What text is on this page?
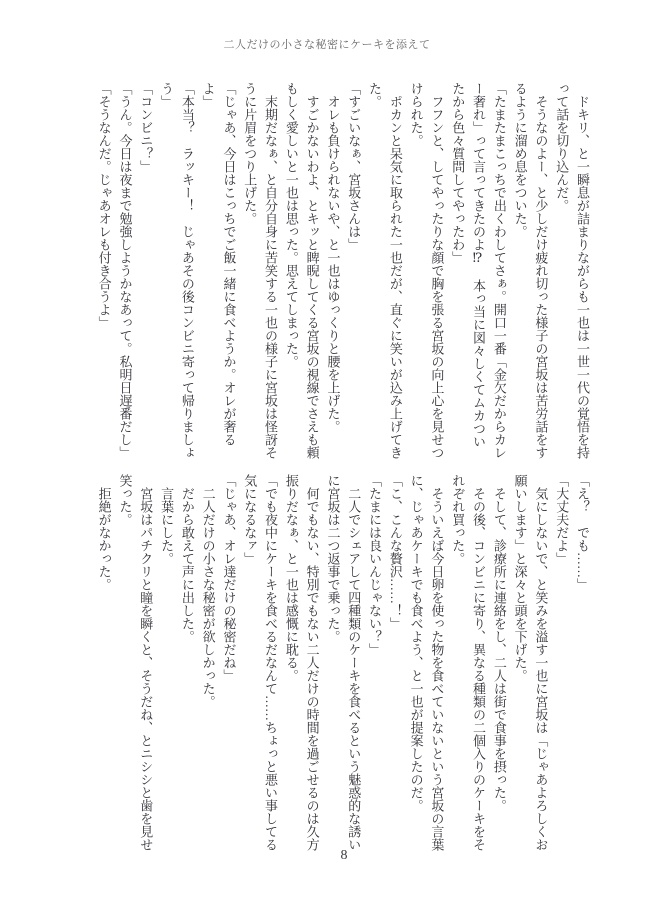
二人だけの小さな秘密にケーキを添えて

ドキリ、と一瞬息が詰まりながらも一也は一世一代の覚悟を持って話を切り込んだ。

そうなのよー、と少しだけ疲れ切った様子の宮坂は苦労話をするように溜め息をついた。

「たまたまこっちで出くわしてさぁ。開口一番「金欠だからカレー奢れ」って言ってきたのよ⁉　本っ当に図々しくてムカついたから色々質問してやったわ」

フフンと、してやったりな顔で胸を張る宮坂の向上心を見せつけられた。

ポカンと呆気に取られた一也だが、直ぐに笑いが込み上げてきた。

「すごいなぁ、宮坂さんは」

オレも負けられないや、と一也はゆっくりと腰を上げた。

すごかないわよ、とキッと睥睨してくる宮坂の視線でさえも頼もしく愛しいと一也は思った。思えてしまった。

末期だなぁ、と自分自身に苦笑する一也の様子に宮坂は怪訝そうに片眉をつり上げた。

「じゃあ、今日はこっちでご飯一緒に食べようか。オレが奢るよ」

「本当？　ラッキー！　じゃあその後コンビニ寄って帰りましょう」

「コンビニ？」

「うん。今日は夜まで勉強しようかなあって。私明日遅番だし」

「そうなんだ。じゃあオレも付き合うよ」

「え？　でも……」

「大丈夫だよ」

気にしないで、と笑みを溢す一也に宮坂は「じゃあよろしくお願いします」と深々と頭を下げた。

そして、診療所に連絡をし、二人は街で食事を摂った。

その後、コンビニに寄り、異なる種類の二個入りのケーキをそれぞれ買った。

そういえば今日卵を使った物を食べていないという宮坂の言葉に、じゃあケーキでも食べよう、と一也が提案したのだ。

「こ、こんな贅沢……！」

「たまには良いんじゃない？」

二人でシェアして四種類のケーキを食べるという魅惑的な誘いに宮坂は二つ返事で乗った。

何でもない、特別でもない二人だけの時間を過ごせるのは久方振りだなぁ、と一也は感慨に耽る。

「でも夜中にケーキを食べるだなんて……ちょっと悪い事してる気になるなァ」

「じゃあ、オレ達だけの秘密だね」

二人だけの小さな秘密が欲しかった。

だから敢えて声に出した。

言葉にした。

宮坂はパチクリと瞳を瞬くと、そうだね、とニシシと歯を見せ笑った。

拒絶がなかった。

8
